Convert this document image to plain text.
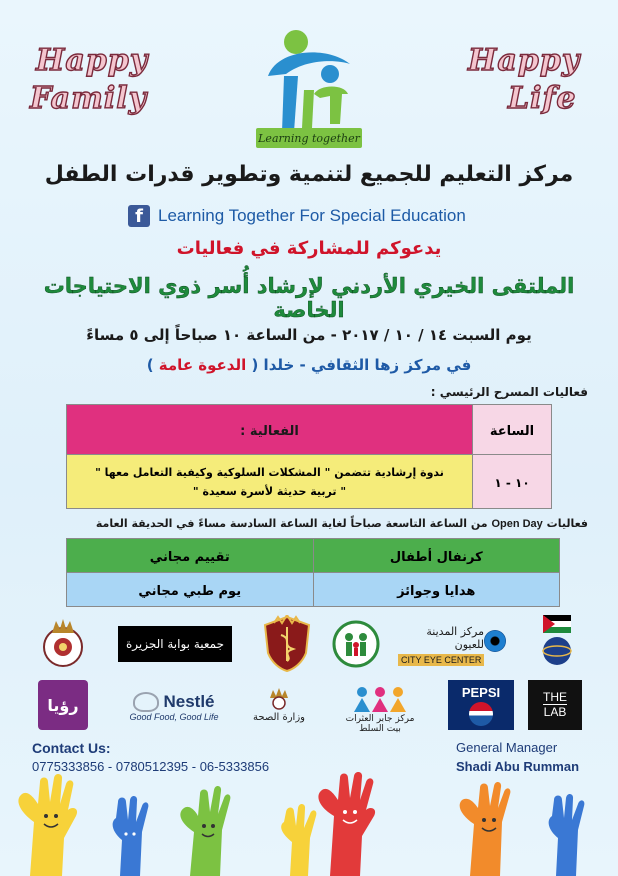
Happy
Family
Happy
Life
Learning together
مركز التعليم للجميع لتنمية وتطوير قدرات الطفل
f Learning Together For Special Education
يدعوكم للمشاركة في فعاليات
الملتقى الخيري الأردني لإرشاد أُسر ذوي الاحتياجات الخاصة
يوم السبت ١٤ / ١٠ / ٢٠١٧ - من الساعة ١٠ صباحاً إلى ٥ مساءً
في مركز زها الثقافي - خلدا ( الدعوة عامة )
فعاليات المسرح الرئيسي :
الساعة	الفعالية :
١٠ - ١	ندوة إرشادية تتضمن " المشكلات السلوكية وكيفية التعامل معها "
" تربية حديثة لأسرة سعيدة "
فعاليات Open Day من الساعة التاسعة صباحاً لغاية الساعة السادسة مساءً في الحديقة العامة
كرنفال أطفال	تقييم مجاني
هدايا وجوائز	يوم طبي مجاني
جمعية بوابة الجزيرة
مركز المدينة للعيون
CITY EYE CENTER
رؤيا	Nestlé
Good Food, Good Life	وزارة الصحة	مركز جابر العثرات
بيت السلط
PEPSI	THE
LAB
Contact Us:
0775333856 - 0780512395 - 06-5333856
General Manager
Shadi Abu Rumman
